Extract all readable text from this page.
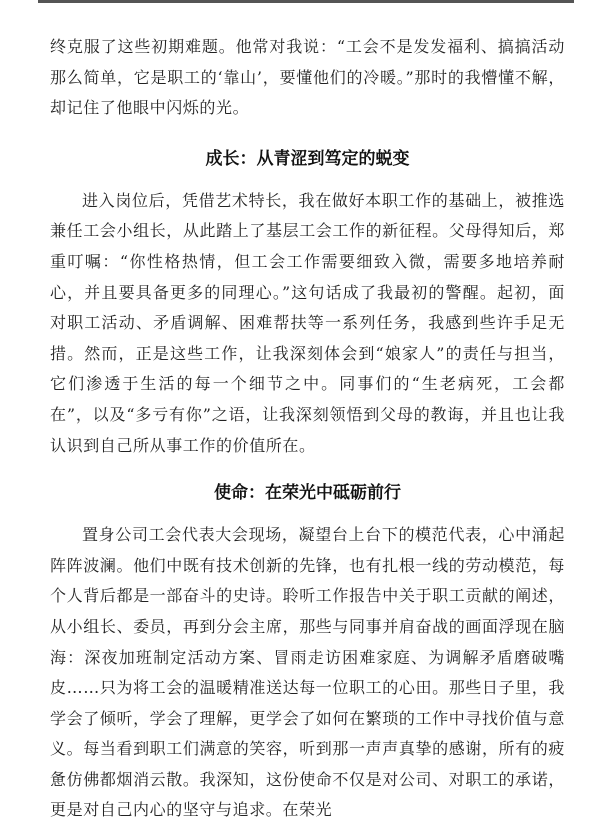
终克服了这些初期难题。他常对我说：“工会不是发发福利、搞搞活动那么简单，它是职工的‘靠山’，要懂他们的冷暖。”那时的我懵懂不解，却记住了他眼中闪烁的光。

成长：从青涩到笃定的蜕变

进入岗位后，凭借艺术特长，我在做好本职工作的基础上，被推选兼任工会小组长，从此踏上了基层工会工作的新征程。父母得知后，郑重叮嘱：“你性格热情，但工会工作需要细致入微，需要多地培养耐心，并且要具备更多的同理心。”这句话成了我最初的警醒。起初，面对职工活动、矛盾调解、困难帮扶等一系列任务，我感到些许手足无措。然而，正是这些工作，让我深刻体会到“娘家人”的责任与担当，它们渗透于生活的每一个细节之中。同事们的“生老病死，工会都在”，以及“多亏有你”之语，让我深刻领悟到父母的教诲，并且也让我认识到自己所从事工作的价值所在。

使命：在荣光中砥砺前行

置身公司工会代表大会现场，凝望台上台下的模范代表，心中涌起阵阵波澜。他们中既有技术创新的先锋，也有扎根一线的劳动模范，每个人背后都是一部奋斗的史诗。聆听工作报告中关于职工贡献的阐述，从小组长、委员，再到分会主席，那些与同事并肩奋战的画面浮现在脑海：深夜加班制定活动方案、冒雨走访困难家庭、为调解矛盾磨破嘴皮……只为将工会的温暖精准送达每一位职工的心田。那些日子里，我学会了倾听，学会了理解，更学会了如何在繁琐的工作中寻找价值与意义。每当看到职工们满意的笑容，听到那一声声真挚的感谢，所有的疲惫仿佛都烟消云散。我深知，这份使命不仅是对公司、对职工的承诺，更是对自己内心的坚守与追求。在荣光
